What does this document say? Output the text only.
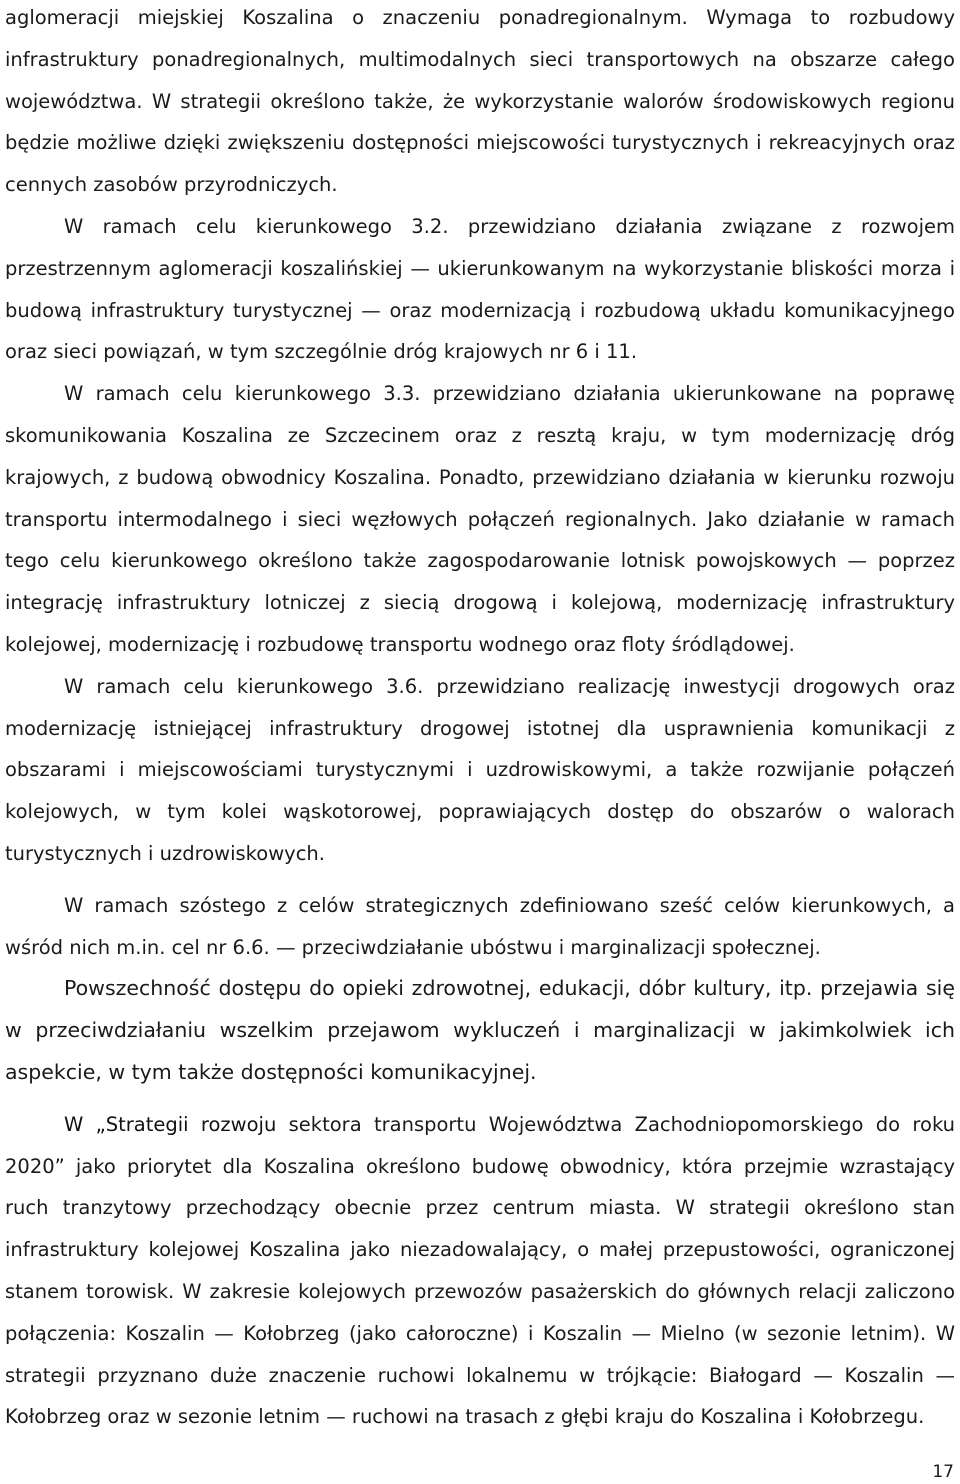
aglomeracji miejskiej Koszalina o znaczeniu ponadregionalnym. Wymaga to rozbudowy infrastruktury ponadregionalnych, multimodalnych sieci transportowych na obszarze całego województwa. W strategii określono także, że wykorzystanie walorów środowiskowych regionu będzie możliwe dzięki zwiększeniu dostępności miejscowości turystycznych i rekreacyjnych oraz cennych zasobów przyrodniczych.

W ramach celu kierunkowego 3.2. przewidziano działania związane z rozwojem przestrzennym aglomeracji koszalińskiej — ukierunkowanym na wykorzystanie bliskości morza i budową infrastruktury turystycznej — oraz modernizacją i rozbudową układu komunikacyjnego oraz sieci powiązań, w tym szczególnie dróg krajowych nr 6 i 11.

W ramach celu kierunkowego 3.3. przewidziano działania ukierunkowane na poprawę skomunikowania Koszalina ze Szczecinem oraz z resztą kraju, w tym modernizację dróg krajowych, z budową obwodnicy Koszalina. Ponadto, przewidziano działania w kierunku rozwoju transportu intermodalnego i sieci węzłowych połączeń regionalnych. Jako działanie w ramach tego celu kierunkowego określono także zagospodarowanie lotnisk powojskowych — poprzez integrację infrastruktury lotniczej z siecią drogową i kolejową, modernizację infrastruktury kolejowej, modernizację i rozbudowę transportu wodnego oraz floty śródlądowej.

W ramach celu kierunkowego 3.6. przewidziano realizację inwestycji drogowych oraz modernizację istniejącej infrastruktury drogowej istotnej dla usprawnienia komunikacji z obszarami i miejscowościami turystycznymi i uzdrowiskowymi, a także rozwijanie połączeń kolejowych, w tym kolei wąskotorowej, poprawiających dostęp do obszarów o walorach turystycznych i uzdrowiskowych.

W ramach szóstego z celów strategicznych zdefiniowano sześć celów kierunkowych, a wśród nich m.in. cel nr 6.6. — przeciwdziałanie ubóstwu i marginalizacji społecznej.

Powszechność dostępu do opieki zdrowotnej, edukacji, dóbr kultury, itp. przejawia się w przeciwdziałaniu wszelkim przejawom wykluczeń i marginalizacji w jakimkolwiek ich aspekcie, w tym także dostępności komunikacyjnej.

W „Strategii rozwoju sektora transportu Województwa Zachodniopomorskiego do roku 2020” jako priorytet dla Koszalina określono budowę obwodnicy, która przejmie wzrastający ruch tranzytowy przechodzący obecnie przez centrum miasta. W strategii określono stan infrastruktury kolejowej Koszalina jako niezadowalający, o małej przepustowości, ograniczonej stanem torowisk. W zakresie kolejowych przewozów pasażerskich do głównych relacji zaliczono połączenia: Koszalin — Kołobrzeg (jako całoroczne) i Koszalin — Mielno (w sezonie letnim). W strategii przyznano duże znaczenie ruchowi lokalnemu w trójkącie: Białogard — Koszalin — Kołobrzeg oraz w sezonie letnim — ruchowi na trasach z głębi kraju do Koszalina i Kołobrzegu.

17
